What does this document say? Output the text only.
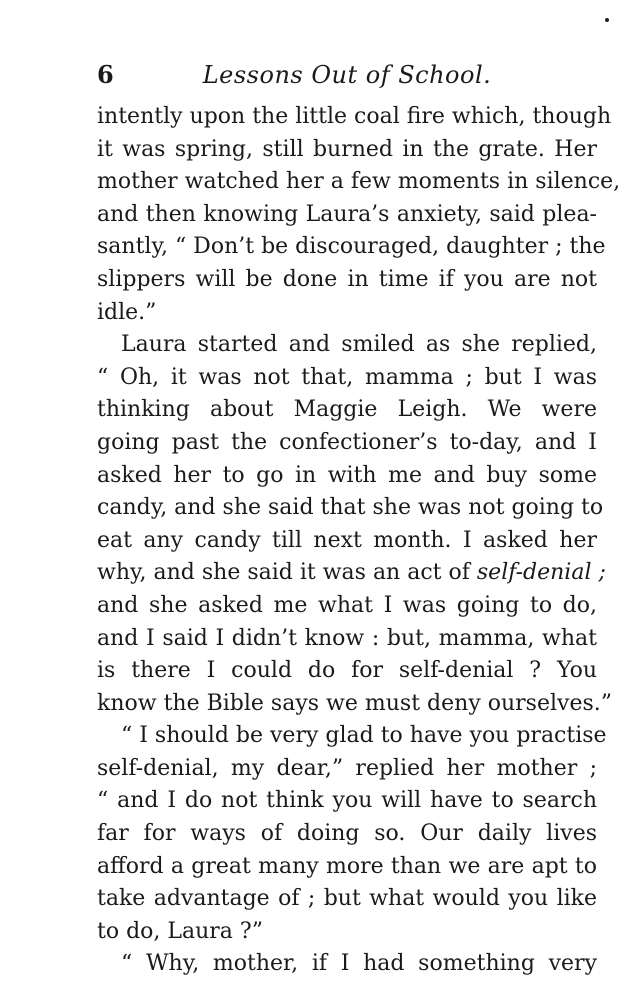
6	Lessons Out of School.
intently upon the little coal fire which, though
it was spring, still burned in the grate. Her
mother watched her a few moments in silence,
and then knowing Laura’s anxiety, said plea-
santly, “ Don’t be discouraged, daughter ; the
slippers will be done in time if you are not
idle.”
Laura started and smiled as she replied,
“ Oh, it was not that, mamma ; but I was
thinking about Maggie Leigh. We were
going past the confectioner’s to-day, and I
asked her to go in with me and buy some
candy, and she said that she was not going to
eat any candy till next month. I asked her
why, and she said it was an act of self-denial ;
and she asked me what I was going to do,
and I said I didn’t know : but, mamma, what
is there I could do for self-denial ? You
know the Bible says we must deny ourselves.”
“ I should be very glad to have you practise
self-denial, my dear,” replied her mother ;
“ and I do not think you will have to search
far for ways of doing so. Our daily lives
afford a great many more than we are apt to
take advantage of ; but what would you like
to do, Laura ?”
“ Why, mother, if I had something very
